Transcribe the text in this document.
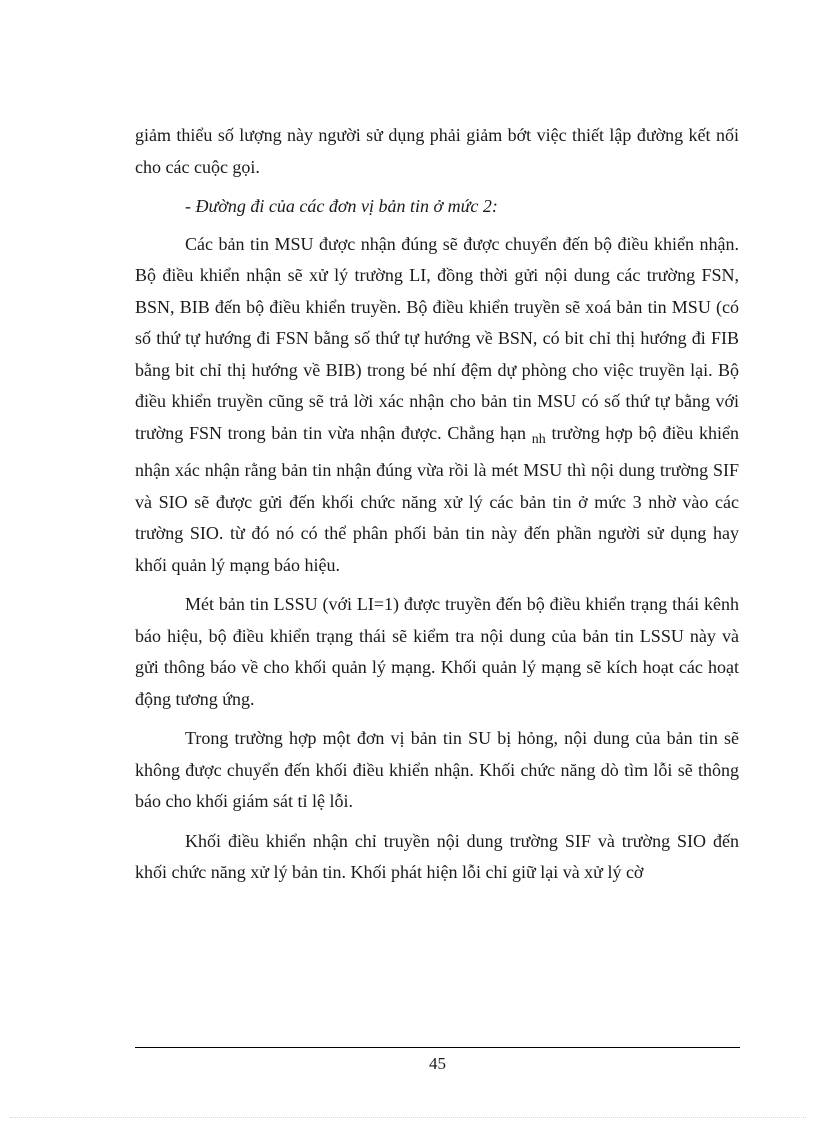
giảm thiểu số lượng này người sử dụng phải giảm bớt việc thiết lập đường kết nối cho các cuộc gọi.

- Đường đi của các đơn vị bản tin ở mức 2:

Các bản tin MSU được nhận đúng sẽ được chuyển đến bộ điều khiển nhận. Bộ điều khiển nhận sẽ xử lý trường LI, đồng thời gửi nội dung các trường FSN, BSN, BIB đến bộ điều khiển truyền. Bộ điều khiển truyền sẽ xoá bản tin MSU (có số thứ tự hướng đi FSN bằng số thứ tự hướng về BSN, có bit chỉ thị hướng đi FIB bằng bit chỉ thị hướng về BIB) trong bé nhí đệm dự phòng cho việc truyền lại. Bộ điều khiển truyền cũng sẽ trả lời xác nhận cho bản tin MSU có số thứ tự bằng với trường FSN trong bản tin vừa nhận được. Chẳng hạn $_{nh}$ trường hợp bộ điều khiển nhận xác nhận rằng bản tin nhận đúng vừa rồi là mét MSU thì nội dung trường SIF và SIO sẽ được gửi đến khối chức năng xử lý các bản tin ở mức 3 nhờ vào các trường SIO. từ đó nó có thể phân phối bản tin này đến phần người sử dụng hay khối quản lý mạng báo hiệu.

Mét bản tin LSSU (với LI=1) được truyền đến bộ điều khiển trạng thái kênh báo hiệu, bộ điều khiển trạng thái sẽ kiểm tra nội dung của bản tin LSSU này và gửi thông báo về cho khối quản lý mạng. Khối quản lý mạng sẽ kích hoạt các hoạt động tương ứng.

Trong trường hợp một đơn vị bản tin SU bị hỏng, nội dung của bản tin sẽ không được chuyển đến khối điều khiển nhận. Khối chức năng dò tìm lỗi sẽ thông báo cho khối giám sát tỉ lệ lỗi.

Khối điều khiển nhận chỉ truyền nội dung trường SIF và trường SIO đến khối chức năng xử lý bản tin. Khối phát hiện lỗi chỉ giữ lại và xử lý cờ

45
